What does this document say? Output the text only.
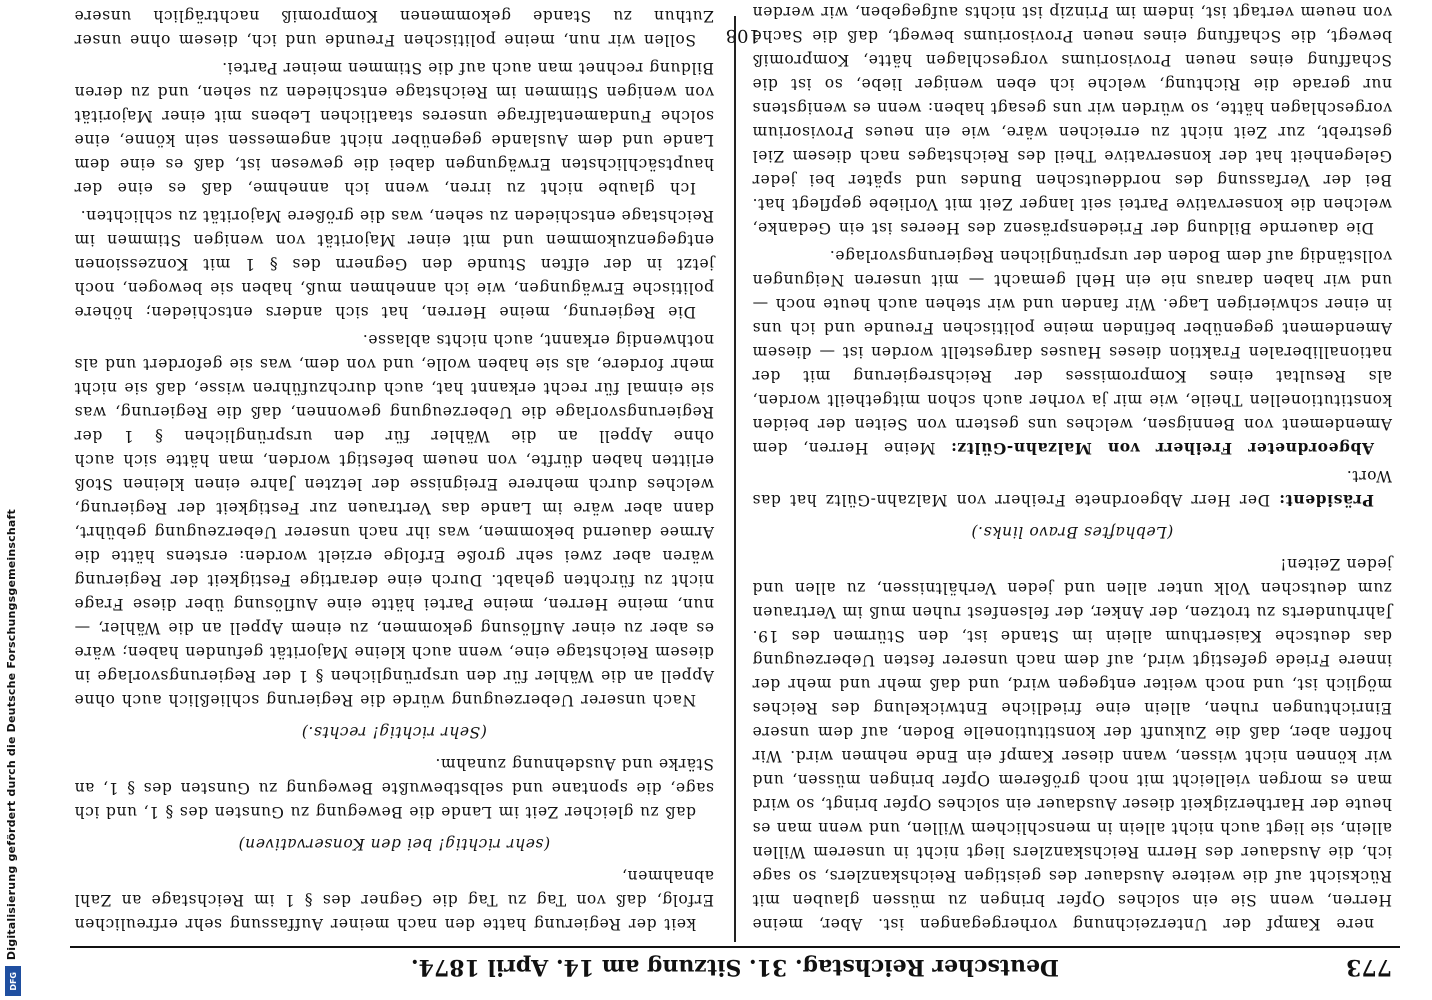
Digitalisierung gefördert durch die Deutsche Forschungsgemeinschaft
DFG
Deutscher Reichstag. 31. Sitzung am 14. April 1874.	773

nere Kampf der Unterzeichnung vorhergegangen ist. Aber, meine Herren, wenn Sie ein solches Opfer bringen zu müssen glauben mit Rücksicht auf die weitere Ausdauer des geistigen Reichskanzlers, so sage ich, die Ausdauer des Herrn Reichskanzlers liegt nicht in unserem Willen allein, sie liegt auch nicht allein in menschlichem Willen, und wenn man es heute der Hartherzigkeit dieser Ausdauer ein solches Opfer bringt, so wird man es morgen vielleicht mit noch größerem Opfer bringen müssen, und wir können nicht wissen, wann dieser Kampf ein Ende nehmen wird. Wir hoffen aber, daß die Zukunft der konstitutionelle Boden, auf dem unsere Einrichtungen ruhen, allein eine friedliche Entwickelung des Reiches möglich ist, und noch weiter entgegen wird, und daß mehr und mehr der innere Friede gefestigt wird, auf dem nach unserer festen Ueberzeugung das deutsche Kaiserthum allein im Stande ist, den Stürmen des 19. Jahrhunderts zu trotzen, der Anker, der felsenfest ruhen muß im Vertrauen zum deutschen Volk unter allen und jeden Verhältnissen, zu allen und jeden Zeiten!

(Lebhaftes Bravo links.)

Präsident: Der Herr Abgeordnete Freiherr von Malzahn-Gültz hat das Wort.

Abgeordneter Freiherr von Malzahn-Gültz: Meine Herren, dem Amendement von Bennigsen, welches uns gestern von Seiten der beiden konstitutionellen Theile, wie mir ja vorher auch schon mitgetheilt worden, als Resultat eines Kompromisses der Reichsregierung mit der nationalliberalen Fraktion dieses Hauses dargestellt worden ist — diesem Amendement gegenüber befinden meine politischen Freunde und ich uns in einer schwierigen Lage. Wir fanden und wir stehen auch heute noch — und wir haben daraus nie ein Hehl gemacht — mit unseren Neigungen vollständig auf dem Boden der ursprünglichen Regierungsvorlage.

Die dauernde Bildung der Friedenspräsenz des Heeres ist ein Gedanke, welchen die konservative Partei seit langer Zeit mit Vorliebe gepflegt hat. Bei der Verfassung des norddeutschen Bundes und später bei jeder Gelegenheit hat der konservative Theil des Reichstages nach diesem Ziel gestrebt, zur Zeit nicht zu erreichen wäre, wie ein neues Provisorium vorgeschlagen hätte, so würden wir uns gesagt haben: wenn es wenigstens nur gerade die Richtung, welche ich eben weniger liebe, so ist die Schaffung eines neuen Provisoriums vorgeschlagen hätte, Kompromiß bewegt, die Schaffung eines neuen Provisoriums bewegt, daß die Sache von neuem vertagt ist, indem im Prinzip ist nichts aufgegeben, wir werden

keit der Regierung hatte den nach meiner Auffassung sehr erfreulichen Erfolg, daß von Tag zu Tag die Gegner des § 1 im Reichstage an Zahl abnahmen,

(sehr richtig! bei den Konservativen)

daß zu gleicher Zeit im Lande die Bewegung zu Gunsten des § 1, und ich sage, die spontane und selbstbewußte Bewegung zu Gunsten des § 1, an Stärke und Ausdehnung zunahm.

(Sehr richtig! rechts.)

Nach unserer Ueberzeugung würde die Regierung schließlich auch ohne Appell an die Wähler für den ursprünglichen § 1 der Regierungsvorlage in diesem Reichstage eine, wenn auch kleine Majorität gefunden haben; wäre es aber zu einer Auflösung gekommen, zu einem Appell an die Wähler, — nun, meine Herren, meine Partei hätte eine Auflösung über diese Frage nicht zu fürchten gehabt. Durch eine derartige Festigkeit der Regierung wären aber zwei sehr große Erfolge erzielt worden: erstens hätte die Armee dauernd bekommen, was ihr nach unserer Ueberzeugung gebührt, dann aber wäre im Lande das Vertrauen zur Festigkeit der Regierung, welches durch mehrere Ereignisse der letzten Jahre einen kleinen Stoß erlitten haben dürfte, von neuem befestigt worden, man hätte sich auch ohne Appell an die Wähler für den ursprünglichen § 1 der Regierungsvorlage die Ueberzeugung gewonnen, daß die Regierung, was sie einmal für recht erkannt hat, auch durchzuführen wisse, daß sie nicht mehr fordere, als sie haben wolle, und von dem, was sie gefordert und als nothwendig erkannt, auch nichts ablasse.

Die Regierung, meine Herren, hat sich anders entschieden; höhere politische Erwägungen, wie ich annehmen muß, haben sie bewogen, noch jetzt in der elften Stunde den Gegnern des § 1 mit Konzessionen entgegenzukommen und mit einer Majorität von wenigen Stimmen im Reichstage entschieden zu sehen, was die größere Majorität zu schlichten.

Ich glaube nicht zu irren, wenn ich annehme, daß es eine der hauptsächlichsten Erwägungen dabei die gewesen ist, daß es eine dem Lande und dem Auslande gegenüber nicht angemessen sein könne, eine solche Fundamentalfrage unseres staatlichen Lebens mit einer Majorität von wenigen Stimmen im Reichstage entschieden zu sehen, und zu deren Bildung rechnet man auch auf die Stimmen meiner Partei.

Sollen wir nun, meine politischen Freunde und ich, diesem ohne unser Zuthun zu Stande gekommenen Kompromiß nachträglich unsere

108
